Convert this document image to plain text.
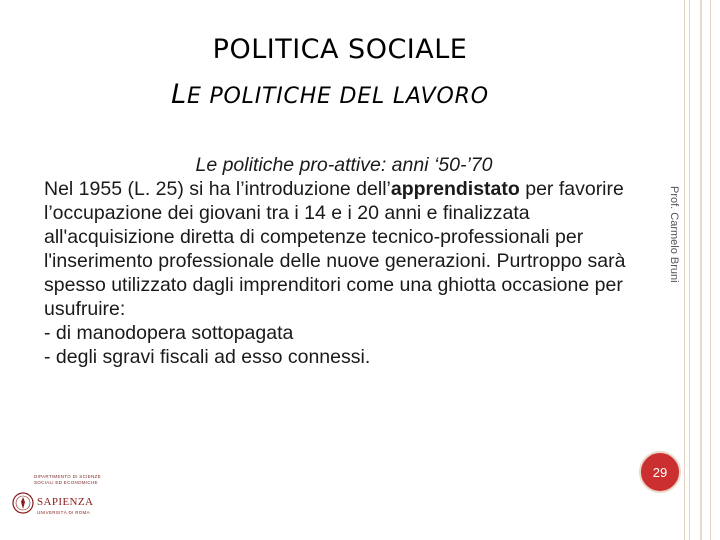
POLITICA SOCIALE
LE POLITICHE DEL LAVORO
Le politiche pro-attive: anni ‘50-’70
Nel 1955 (L. 25) si ha l’introduzione dell’apprendistato per favorire l’occupazione dei giovani tra i 14 e i 20 anni e finalizzata all'acquisizione diretta di competenze tecnico-professionali per l'inserimento professionale delle nuove generazioni. Purtroppo sarà spesso utilizzato dagli imprenditori come una ghiotta occasione per usufruire:
- di manodopera sottopagata
- degli sgravi fiscali ad esso connessi.
Prof. Carmelo Bruni
29
DIPARTIMENTO DI SCIENZE SOCIALI ED ECONOMICHE
SAPIENZA
UNIVERSITÀ DI ROMA
